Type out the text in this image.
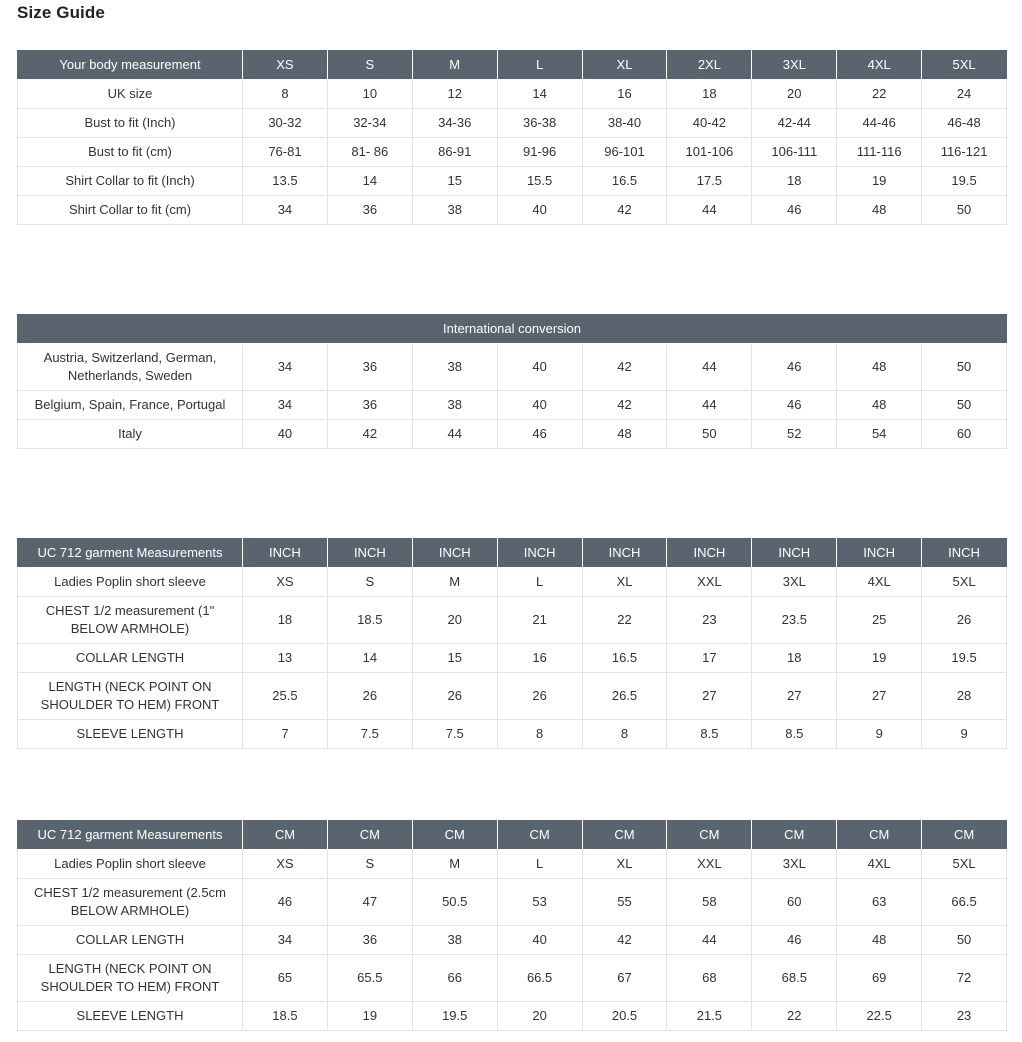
Size Guide
Your body measurement	XS	S	M	L	XL	2XL	3XL	4XL	5XL
UK size	8	10	12	14	16	18	20	22	24
Bust to fit (Inch)	30-32	32-34	34-36	36-38	38-40	40-42	42-44	44-46	46-48
Bust to fit (cm)	76-81	81- 86	86-91	91-96	96-101	101-106	106-111	111-116	116-121
Shirt Collar to fit (Inch)	13.5	14	15	15.5	16.5	17.5	18	19	19.5
Shirt Collar to fit (cm)	34	36	38	40	42	44	46	48	50
International conversion									
Austria, Switzerland, German, Netherlands, Sweden	34	36	38	40	42	44	46	48	50
Belgium, Spain, France, Portugal	34	36	38	40	42	44	46	48	50
Italy	40	42	44	46	48	50	52	54	60
UC 712 garment Measurements	INCH	INCH	INCH	INCH	INCH	INCH	INCH	INCH	INCH
Ladies Poplin short sleeve	XS	S	M	L	XL	XXL	3XL	4XL	5XL
CHEST 1/2 measurement (1" BELOW ARMHOLE)	18	18.5	20	21	22	23	23.5	25	26
COLLAR LENGTH	13	14	15	16	16.5	17	18	19	19.5
LENGTH (NECK POINT ON SHOULDER TO HEM) FRONT	25.5	26	26	26	26.5	27	27	27	28
SLEEVE LENGTH	7	7.5	7.5	8	8	8.5	8.5	9	9
UC 712 garment Measurements	CM	CM	CM	CM	CM	CM	CM	CM	CM
Ladies Poplin short sleeve	XS	S	M	L	XL	XXL	3XL	4XL	5XL
CHEST 1/2 measurement (2.5cm BELOW ARMHOLE)	46	47	50.5	53	55	58	60	63	66.5
COLLAR LENGTH	34	36	38	40	42	44	46	48	50
LENGTH (NECK POINT ON SHOULDER TO HEM) FRONT	65	65.5	66	66.5	67	68	68.5	69	72
SLEEVE LENGTH	18.5	19	19.5	20	20.5	21.5	22	22.5	23
